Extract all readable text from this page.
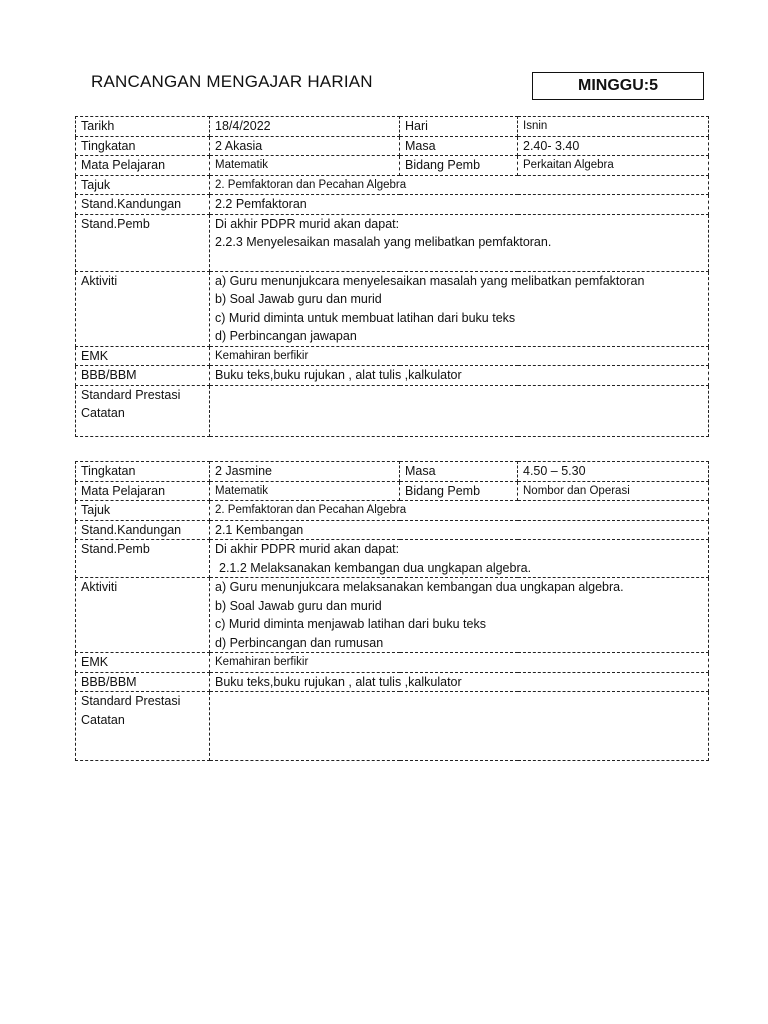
RANCANGAN MENGAJAR HARIAN	MINGGU:5
Tarikh	18/4/2022	Hari	Isnin
Tingkatan	2 Akasia	Masa	2.40- 3.40
Mata Pelajaran	Matematik	Bidang Pemb	Perkaitan Algebra
Tajuk	2. Pemfaktoran dan Pecahan Algebra		
Stand.Kandungan	2.2 Pemfaktoran		
Stand.Pemb	Di akhir PDPR murid akan dapat:
2.2.3 Menyelesaikan masalah yang melibatkan pemfaktoran.		

Aktiviti	a) Guru menunjukcara menyelesaikan masalah yang melibatkan pemfaktoran
b) Soal Jawab guru dan murid
c) Murid diminta untuk membuat latihan dari buku teks
d) Perbincangan jawapan		

EMK	Kemahiran berfikir		
BBB/BBM	Buku teks,buku rujukan , alat tulis ,kalkulator		

Standard Prestasi
Catatan			

Tingkatan	2 Jasmine	Masa	4.50 – 5.30
Mata Pelajaran	Matematik	Bidang Pemb	Nombor dan Operasi
Tajuk	2. Pemfaktoran dan Pecahan Algebra		
Stand.Kandungan	2.1 Kembangan		
Stand.Pemb	Di akhir PDPR murid akan dapat:
2.1.2 Melaksanakan kembangan dua ungkapan algebra.		

Aktiviti	a) Guru menunjukcara melaksanakan kembangan dua ungkapan algebra.
b) Soal Jawab guru dan murid
c) Murid diminta menjawab latihan dari buku teks
d) Perbincangan dan rumusan		

EMK	Kemahiran berfikir		
BBB/BBM	Buku teks,buku rujukan , alat tulis ,kalkulator		

Standard Prestasi
Catatan			
